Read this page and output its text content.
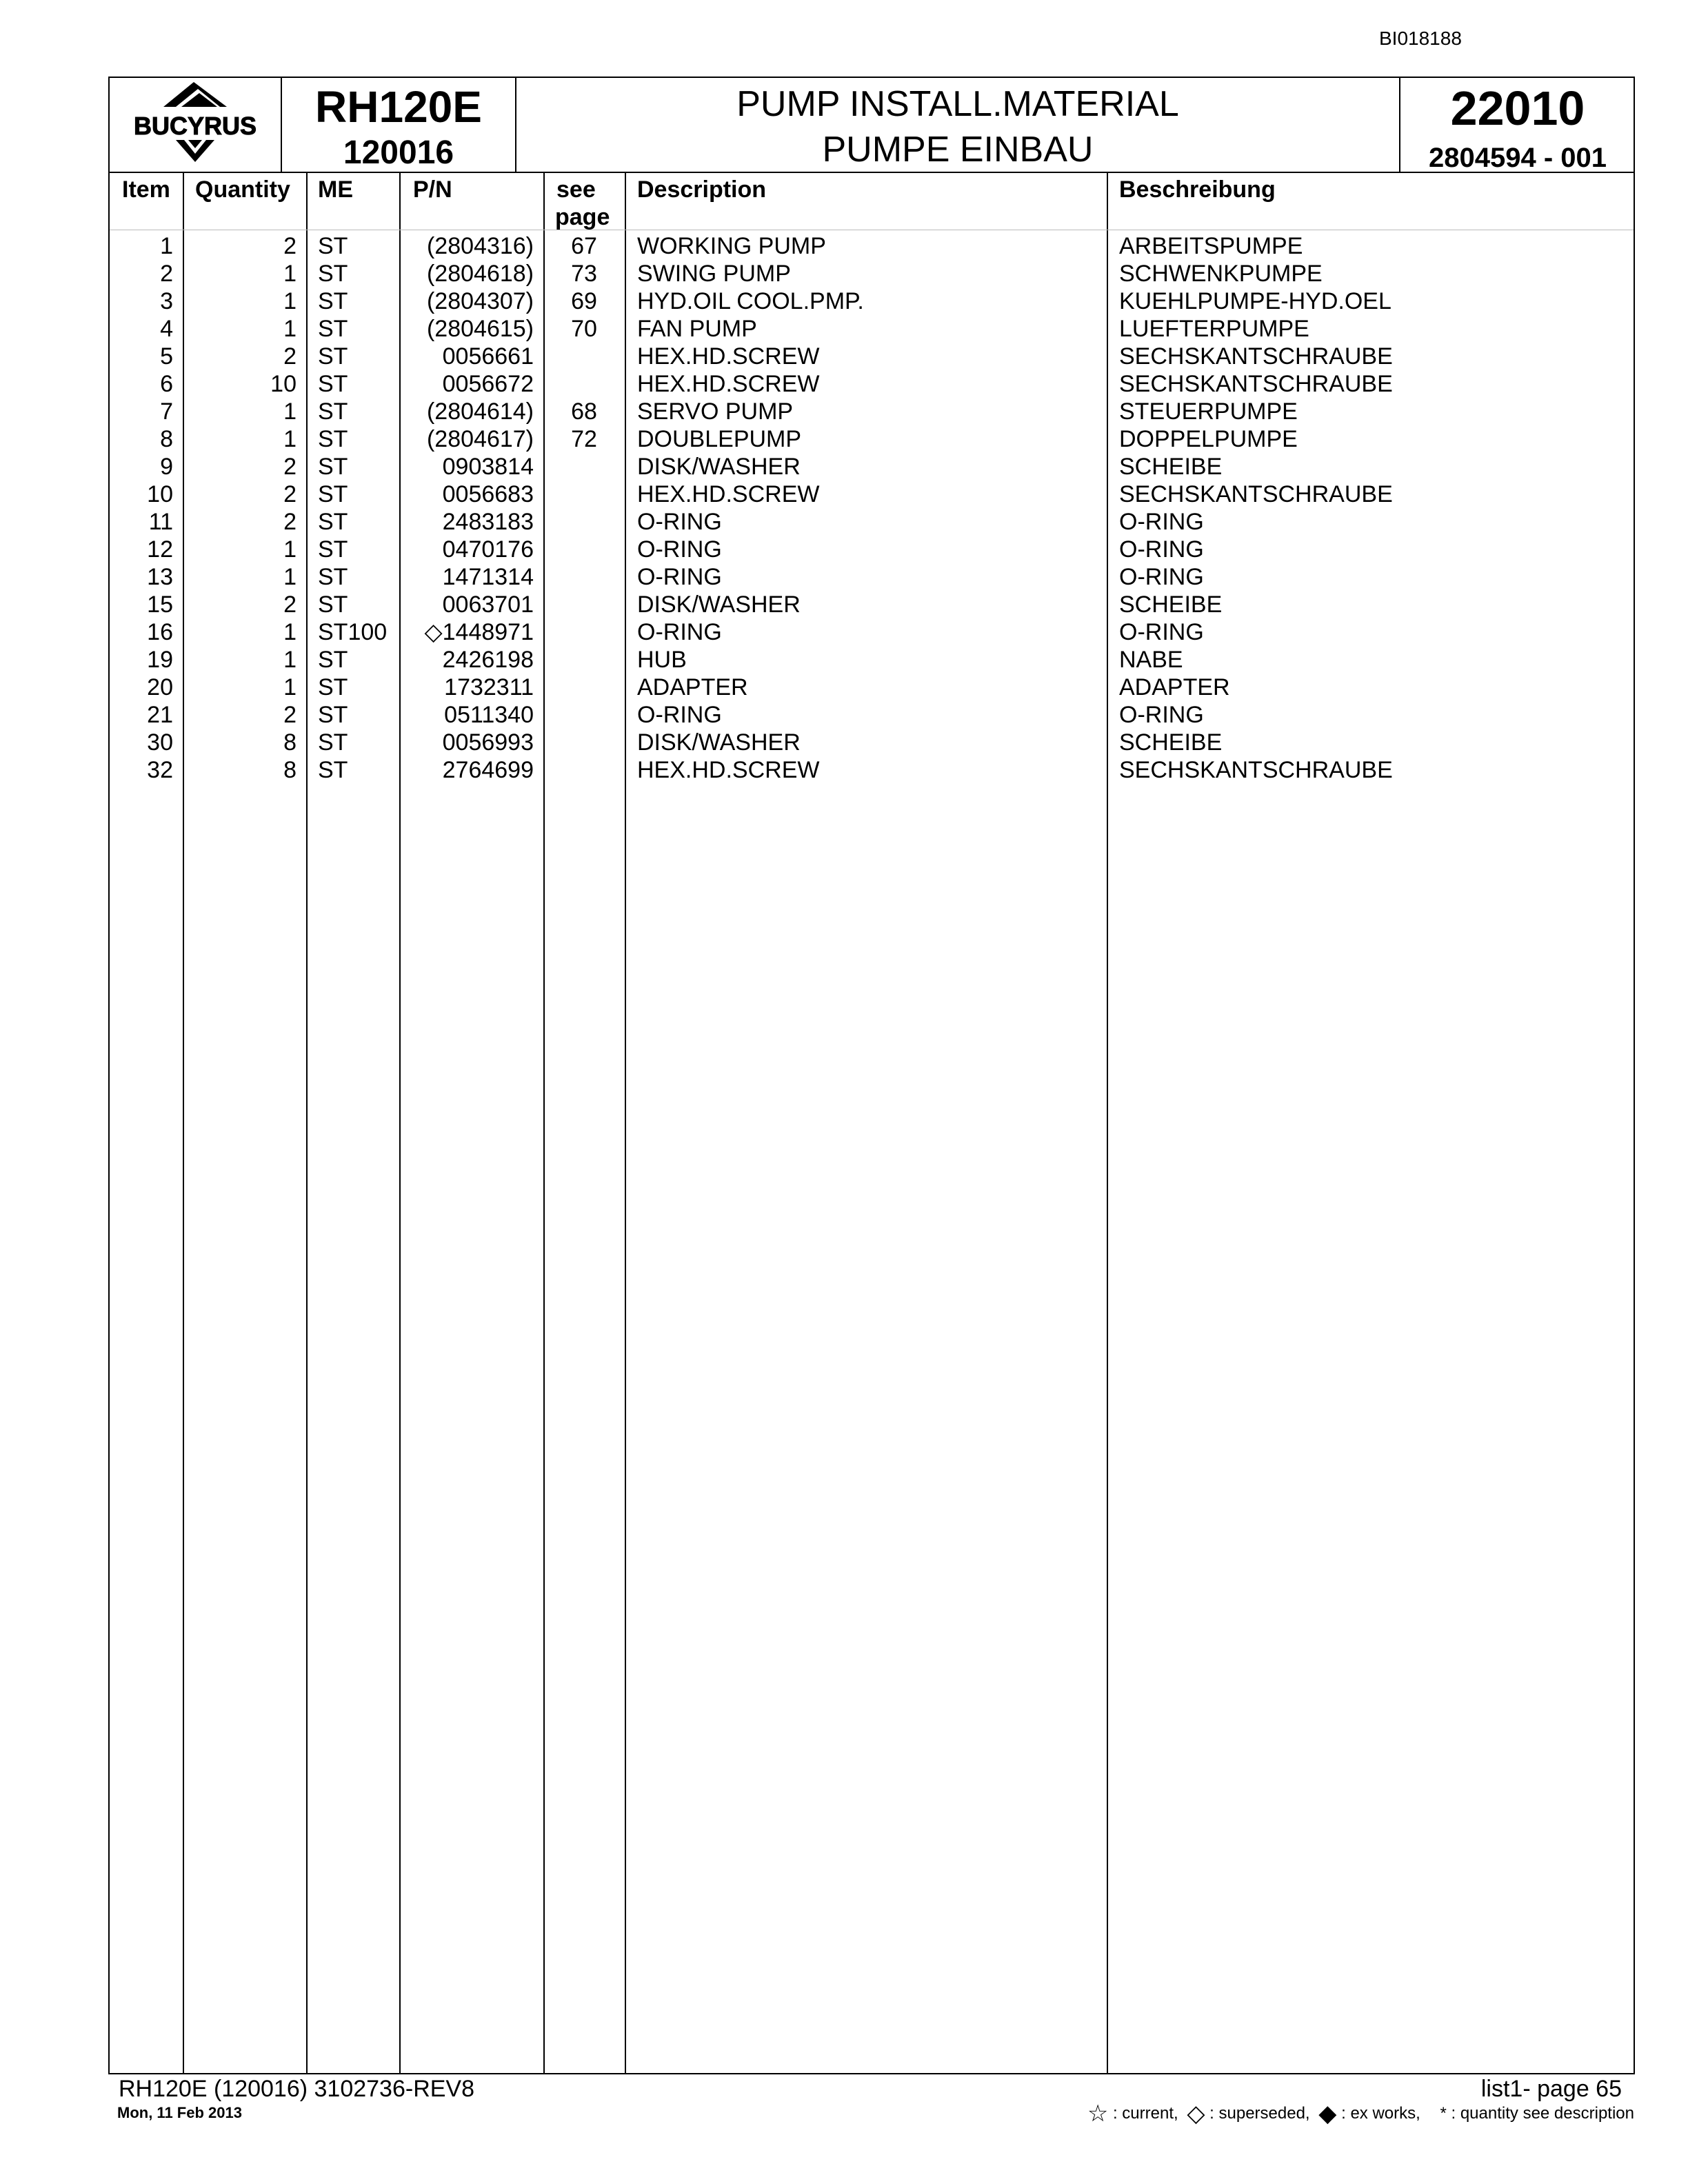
BI018188
BUCYRUS	RH120E
120016
PUMP INSTALL.MATERIAL
PUMPE EINBAU
22010
2804594 - 001
Item Quantity ME	P/N	see
page
Description	Beschreibung
1	2 ST	(2804316)	67	WORKING PUMP	ARBEITSPUMPE
2	1 ST	(2804618)	73	SWING PUMP	SCHWENKPUMPE
3	1 ST	(2804307)	69	HYD.OIL COOL.PMP.	KUEHLPUMPE-HYD.OEL
4	1 ST	(2804615)	70	FAN PUMP	LUEFTERPUMPE
5	2 ST	0056661	HEX.HD.SCREW	SECHSKANTSCHRAUBE
6	10 ST	0056672	HEX.HD.SCREW	SECHSKANTSCHRAUBE
7	1 ST	(2804614)	68	SERVO PUMP	STEUERPUMPE
8	1 ST	(2804617)	72	DOUBLEPUMP	DOPPELPUMPE
9	2 ST	0903814	DISK/WASHER	SCHEIBE
10	2 ST	0056683	HEX.HD.SCREW	SECHSKANTSCHRAUBE
11	2 ST	2483183	O-RING	O-RING
12	1 ST	0470176	O-RING	O-RING
13	1 ST	1471314	O-RING	O-RING
15	2 ST	0063701	DISK/WASHER	SCHEIBE
16	1 ST100	◇1448971	O-RING	O-RING
19	1 ST	2426198	HUB	NABE
20	1 ST	1732311	ADAPTER	ADAPTER
21	2 ST	0511340	O-RING	O-RING
30	8 ST	0056993	DISK/WASHER	SCHEIBE
32	8 ST	2764699	HEX.HD.SCREW	SECHSKANTSCHRAUBE
RH120E (120016) 3102736-REV8
Mon, 11 Feb 2013
list1- page 65
☆ : current, ◇ : superseded, ◆ : ex works, * : quantity see description
